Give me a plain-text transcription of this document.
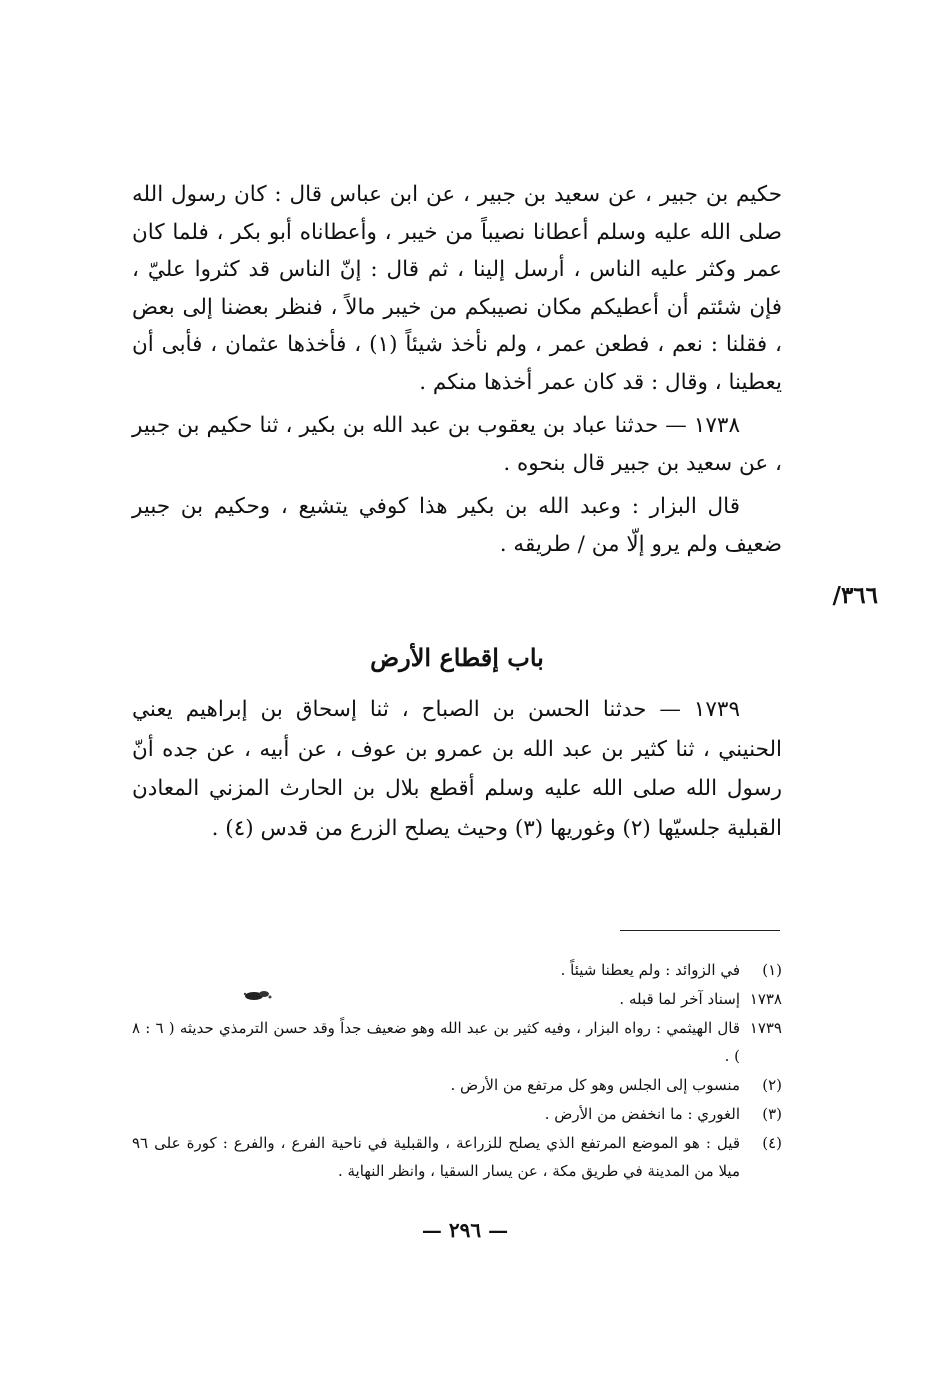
حكيم بن جبير ، عن سعيد بن جبير ، عن ابن عباس قال : كان رسول الله صلى الله عليه وسلم أعطانا نصيباً من خيبر ، وأعطاناه أبو بكر ، فلما كان عمر وكثر عليه الناس ، أرسل إلينا ، ثم قال : إنّ الناس قد كثروا عليّ ، فإن شئتم أن أعطيكم مكان نصيبكم من خيبر مالاً ، فنظر بعضنا إلى بعض ، فقلنا : نعم ، فطعن عمر ، ولم نأخذ شيئاً (١) ، فأخذها عثمان ، فأبى أن يعطينا ، وقال : قد كان عمر أخذها منكم .

١٧٣٨ — حدثنا عباد بن يعقوب بن عبد الله بن بكير ، ثنا حكيم بن جبير ، عن سعيد بن جبير قال بنحوه .

قال البزار : وعبد الله بن بكير هذا كوفي يتشيع ، وحكيم بن جبير ضعيف ولم يرو إلّا من / طريقه .

٣٦٦/
باب إقطاع الأرض

١٧٣٩ — حدثنا الحسن بن الصباح ، ثنا إسحاق بن إبراهيم يعني الحنيني ، ثنا كثير بن عبد الله بن عمرو بن عوف ، عن أبيه ، عن جده أنّ رسول الله صلى الله عليه وسلم أقطع بلال بن الحارث المزني المعادن القبلية جلسيّها (٢) وغوريها (٣) وحيث يصلح الزرع من قدس (٤) .

(١)
في الزوائد : ولم يعطنا شيئاً .
١٧٣٨
إسناد آخر لما قبله .
١٧٣٩
قال الهيثمي : رواه البزار ، وفيه كثير بن عبد الله وهو ضعيف جداً وقد حسن الترمذي حديثه ( ٦ : ٨ ) .
(٢)
منسوب إلى الجلس وهو كل مرتفع من الأرض .
(٣)
الغوري : ما انخفض من الأرض .
(٤)
قيل : هو الموضع المرتفع الذي يصلح للزراعة ، والقبلية في ناحية الفرع ، والفرع : كورة على ٩٦ ميلا من المدينة في طريق مكة ، عن يسار السقيا ، وانظر النهاية .
— ٢٩٦ —
